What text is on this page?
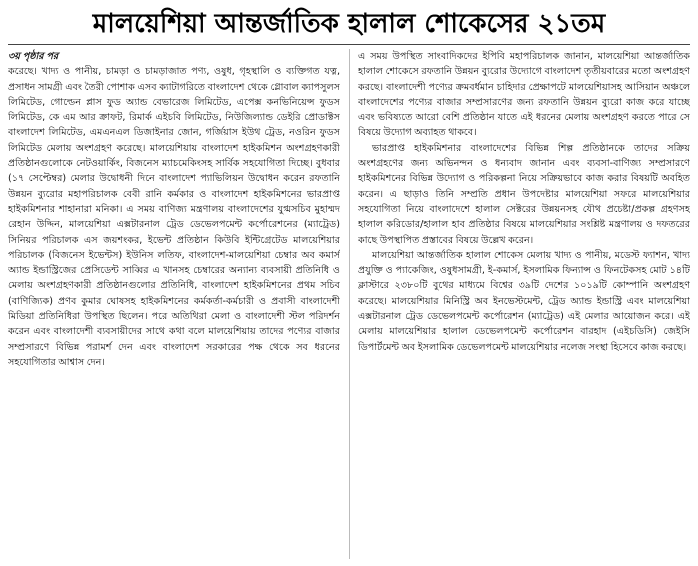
মালয়েশিয়া আন্তর্জাতিক হালাল শোকেসের ২১তম
৩য় পৃষ্ঠার পর

করেছে। খাদ্য ও পানীয়, চামড়া ও চামড়াজাত পণ্য, ওষুধ, গৃহস্থালি ও ব্যক্তিগত যত্ন, প্রসাধন সামগ্রী এবং তৈরী পোশাক এসব ক্যাটাগরিতে বাংলাদেশ থেকে গ্লোবাল ক্যাপসুলস লিমিটেড, গোল্ডেন প্লাস ফুড অ্যান্ড বেভারেজ লিমিটেড, এপেক্স কনভিনিয়েন্স ফুডস লিমিটেড, কে এম আর ক্রাফট, রিমার্ক এইচবি লিমিটেড, নিউজিল্যান্ড ডেইরি প্রোডাক্টস বাংলাদেশ লিমিটেড, এমএনএল ডিজাইনার জোন, গর্জিয়াস ইউথ ট্রেড, নওরিন ফুডস লিমিটেড মেলায় অংশগ্রহণ করেছে। মালয়েশিয়ায় বাংলাদেশ হাইকমিশন অংশগ্রহণকারী প্রতিষ্ঠানগুলোকে নেটওয়ার্কিং, বিজনেস ম্যাচমেকিংসহ সার্বিক সহযোগিতা দিচ্ছে। বুধবার (১৭ সেপ্টেম্বর) মেলার উদ্বোধনী দিনে বাংলাদেশ প্যাভিলিয়ন উদ্বোধন করেন রফতানি উন্নয়ন ব্যুরোর মহাপরিচালক বেবী রানি কর্মকার ও বাংলাদেশ হাইকমিশনের ভারপ্রাপ্ত হাইকমিশনার শাহানারা মনিকা। এ সময় বাণিজ্য মন্ত্রণালয় বাংলাদেশের যুগ্মসচিব মুহাম্মদ রেহান উদ্দিন, মালয়েশিয়া এক্সটারনাল ট্রেড ডেভেলপমেন্ট কর্পোরেশনের (ম্যাট্রেড) সিনিয়র পরিচালক এস জয়শংকর, ইভেন্ট প্রতিষ্ঠান কিউবি ইন্টিগ্রেটেড মালয়েশিয়ার পরিচালক (বিজনেস ইভেন্টস) ইউনিস লতিফ, বাংলাদেশ-মালয়েশিয়া চেম্বার অব কমার্স অ্যান্ড ইন্ডাস্ট্রিজের প্রেসিডেন্ট সাব্বির এ খানসহ চেম্বারের অন্যান্য ব্যবসায়ী প্রতিনিধি ও মেলায় অংশগ্রহণকারী প্রতিষ্ঠানগুলোর প্রতিনিধি, বাংলাদেশ হাইকমিশনের প্রথম সচিব (বাণিজ্যিক) প্রণব কুমার ঘোষসহ হাইকমিশনের কর্মকর্তা-কর্মচারী ও প্রবাসী বাংলাদেশী মিডিয়া প্রতিনিধিরা উপস্থিত ছিলেন। পরে অতিথিরা মেলা ও বাংলাদেশী স্টল পরিদর্শন করেন এবং বাংলাদেশী ব্যবসায়ীদের সাথে কথা বলে মালয়েশিয়ায় তাদের পণ্যের বাজার সম্প্রসারণে বিভিন্ন পরামর্শ দেন এবং বাংলাদেশ সরকারের পক্ষ থেকে সব ধরনের সহযোগিতার আশ্বাস দেন।

এ সময় উপস্থিত সাংবাদিকদের ইপিবি মহাপরিচালক জানান, মালয়েশিয়া আন্তর্জাতিক হালাল শোকেসে রফতানি উন্নয়ন ব্যুরোর উদ্যোগে বাংলাদেশ তৃতীয়বারের মতো অংশগ্রহণ করছে। বাংলাদেশী পণ্যের ক্রমবর্ধমান চাহিদার প্রেক্ষাপটে মালয়েশিয়াসহ আসিয়ান অঞ্চলে বাংলাদেশের পণ্যের বাজার সম্প্রসারণের জন্য রফতানি উন্নয়ন ব্যুরো কাজ করে যাচ্ছে এবং ভবিষ্যতে আরো বেশি প্রতিষ্ঠান যাতে এই ধরনের মেলায় অংশগ্রহণ করতে পারে সে বিষয়ে উদ্যোগ অব্যাহত থাকবে।

ভারপ্রাপ্ত হাইকমিশনার বাংলাদেশের বিভিন্ন শিল্প প্রতিষ্ঠানকে তাদের সক্রিয় অংশগ্রহণের জন্য অভিনন্দন ও ধন্যবাদ জানান এবং ব্যবসা-বাণিজ্য সম্প্রসারণে হাইকমিশনের বিভিন্ন উদ্যোগ ও পরিকল্পনা নিয়ে সক্রিয়ভাবে কাজ করার বিষয়টি অবহিত করেন। এ ছাড়াও তিনি সম্প্রতি প্রধান উপদেষ্টার মালয়েশিয়া সফরে মালয়েশিয়ার সহযোগিতা নিয়ে বাংলাদেশে হালাল সেক্টরের উন্নয়নসহ যৌথ প্রচেষ্টা/প্রকল্প গ্রহণসহ হালাল করিডোর/হালাল হাব প্রতিষ্ঠার বিষয়ে মালয়েশিয়ার সংশ্লিষ্ট মন্ত্রণালয় ও দফতরের কাছে উপস্থাপিত প্রস্তাবের বিষয়ে উল্লেখ করেন।

মালয়েশিয়া আন্তর্জাতিক হালাল শোকেস মেলায় খাদ্য ও পানীয়, মডেস্ট ফ্যাশন, খাদ্য প্রযুক্তি ও প্যাকেজিং, ওষুধসামগ্রী, ই-কমার্স, ইসলামিক ফিন্যান্স ও ফিনটেকসহ মোট ১৪টি ক্লাস্টারে ২৩৮০টি বুথের মাধ্যমে বিশ্বের ৩৯টি দেশের ১০১৯টি কোম্পানি অংশগ্রহণ করেছে। মালয়েশিয়ার মিনিস্ট্রি অব ইনভেস্টমেন্ট, ট্রেড অ্যান্ড ইন্ডাস্ট্রি এবং মালয়েশিয়া এক্সটারনাল ট্রেড ডেভেলপমেন্ট কর্পোরেশন (ম্যাট্রেড) এই মেলার আয়োজন করে। এই মেলায় মালয়েশিয়ার হালাল ডেভেলপমেন্ট কর্পোরেশন বারহাদ (এইচডিসি) জেইসি ডিপার্টমেন্ট অব ইসলামিক ডেভেলপমেন্ট মালয়েশিয়ার নলেজ সংস্থা হিসেবে কাজ করছে।
